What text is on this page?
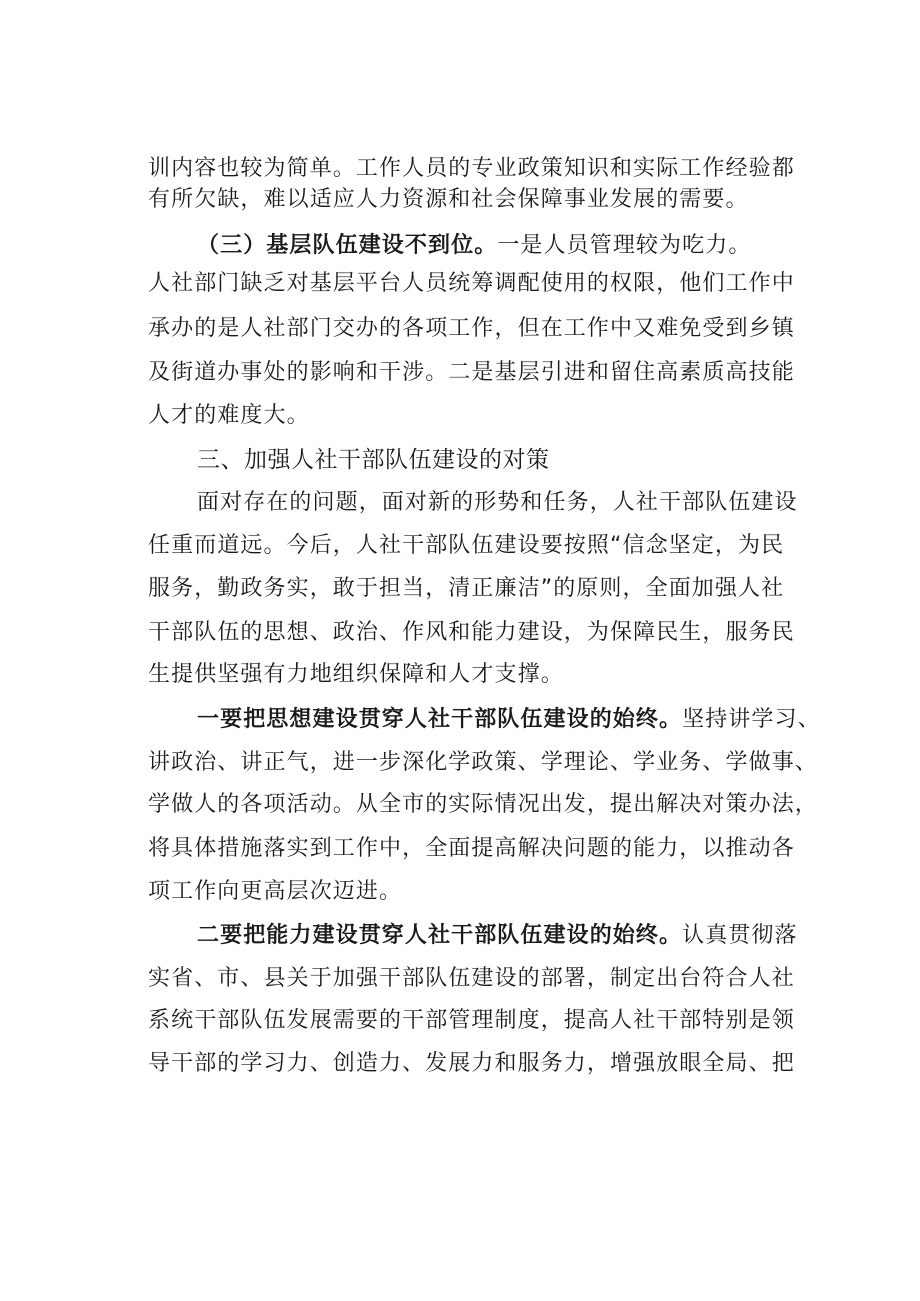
训内容也较为简单。工作人员的专业政策知识和实际工作经验都
有所欠缺，难以适应人力资源和社会保障事业发展的需要。
（三）基层队伍建设不到位。一是人员管理较为吃力。
人社部门缺乏对基层平台人员统筹调配使用的权限，他们工作中
承办的是人社部门交办的各项工作，但在工作中又难免受到乡镇
及街道办事处的影响和干涉。二是基层引进和留住高素质高技能
人才的难度大。
三、加强人社干部队伍建设的对策
面对存在的问题，面对新的形势和任务，人社干部队伍建设
任重而道远。今后，人社干部队伍建设要按照“信念坚定，为民
服务，勤政务实，敢于担当，清正廉洁”的原则，全面加强人社
干部队伍的思想、政治、作风和能力建设，为保障民生，服务民
生提供坚强有力地组织保障和人才支撑。
一要把思想建设贯穿人社干部队伍建设的始终。坚持讲学习、
讲政治、讲正气，进一步深化学政策、学理论、学业务、学做事、
学做人的各项活动。从全市的实际情况出发，提出解决对策办法，
将具体措施落实到工作中，全面提高解决问题的能力，以推动各
项工作向更高层次迈进。
二要把能力建设贯穿人社干部队伍建设的始终。认真贯彻落
实省、市、县关于加强干部队伍建设的部署，制定出台符合人社
系统干部队伍发展需要的干部管理制度，提高人社干部特别是领
导干部的学习力、创造力、发展力和服务力，增强放眼全局、把
